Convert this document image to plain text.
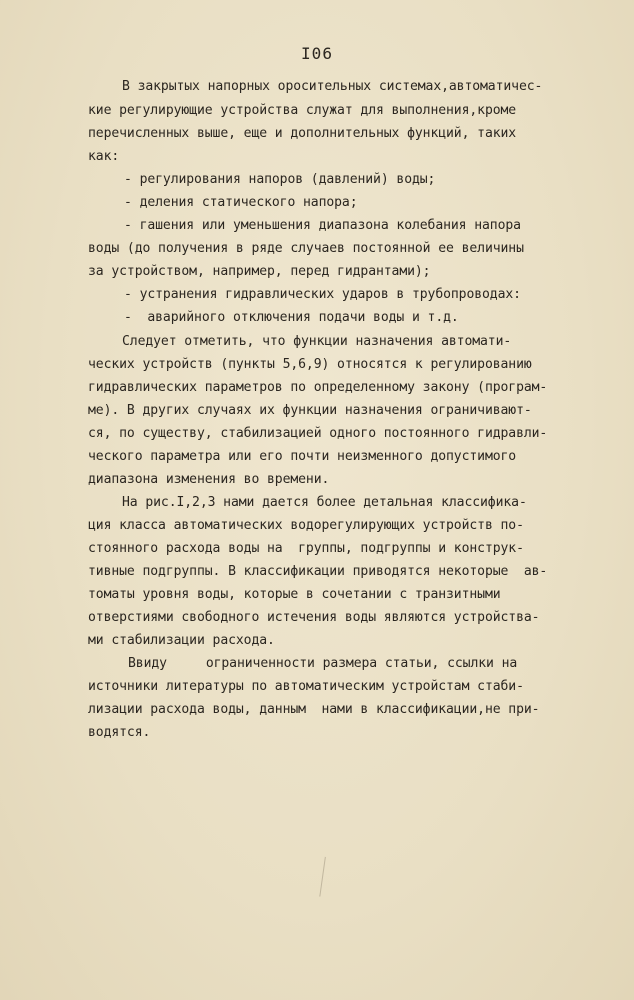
I06
В закрытых напорных оросительных системах,автоматичес-
кие регулирующие устройства служат для выполнения,кроме
перечисленных выше, еще и дополнительных функций, таких
как:
- регулирования напоров (давлений) воды;
- деления статического напора;
- гашения или уменьшения диапазона колебания напора
воды (до получения в ряде случаев постоянной ее величины
за устройством, например, перед гидрантами);
- устранения гидравлических ударов в трубопроводах:
-  аварийного отключения подачи воды и т.д.
Следует отметить, что функции назначения автомати-
ческих устройств (пункты 5,6,9) относятся к регулированию
гидравлических параметров по определенному закону (програм-
ме). В других случаях их функции назначения ограничивают-
ся, по существу, стабилизацией одного постоянного гидравли-
ческого параметра или его почти неизменного допустимого
диапазона изменения во времени.
На рис.I,2,3 нами дается более детальная классифика-
ция класса автоматических водорегулирующих устройств по-
стоянного расхода воды на  группы, подгруппы и конструк-
тивные подгруппы. В классификации приводятся некоторые  ав-
томаты уровня воды, которые в сочетании с транзитными
отверстиями свободного истечения воды являются устройства-
ми стабилизации расхода.
Ввиду     ограниченности размера статьи, ссылки на
источники литературы по автоматическим устройстам стаби-
лизации расхода воды, данным  нами в классификации,не при-
водятся.
